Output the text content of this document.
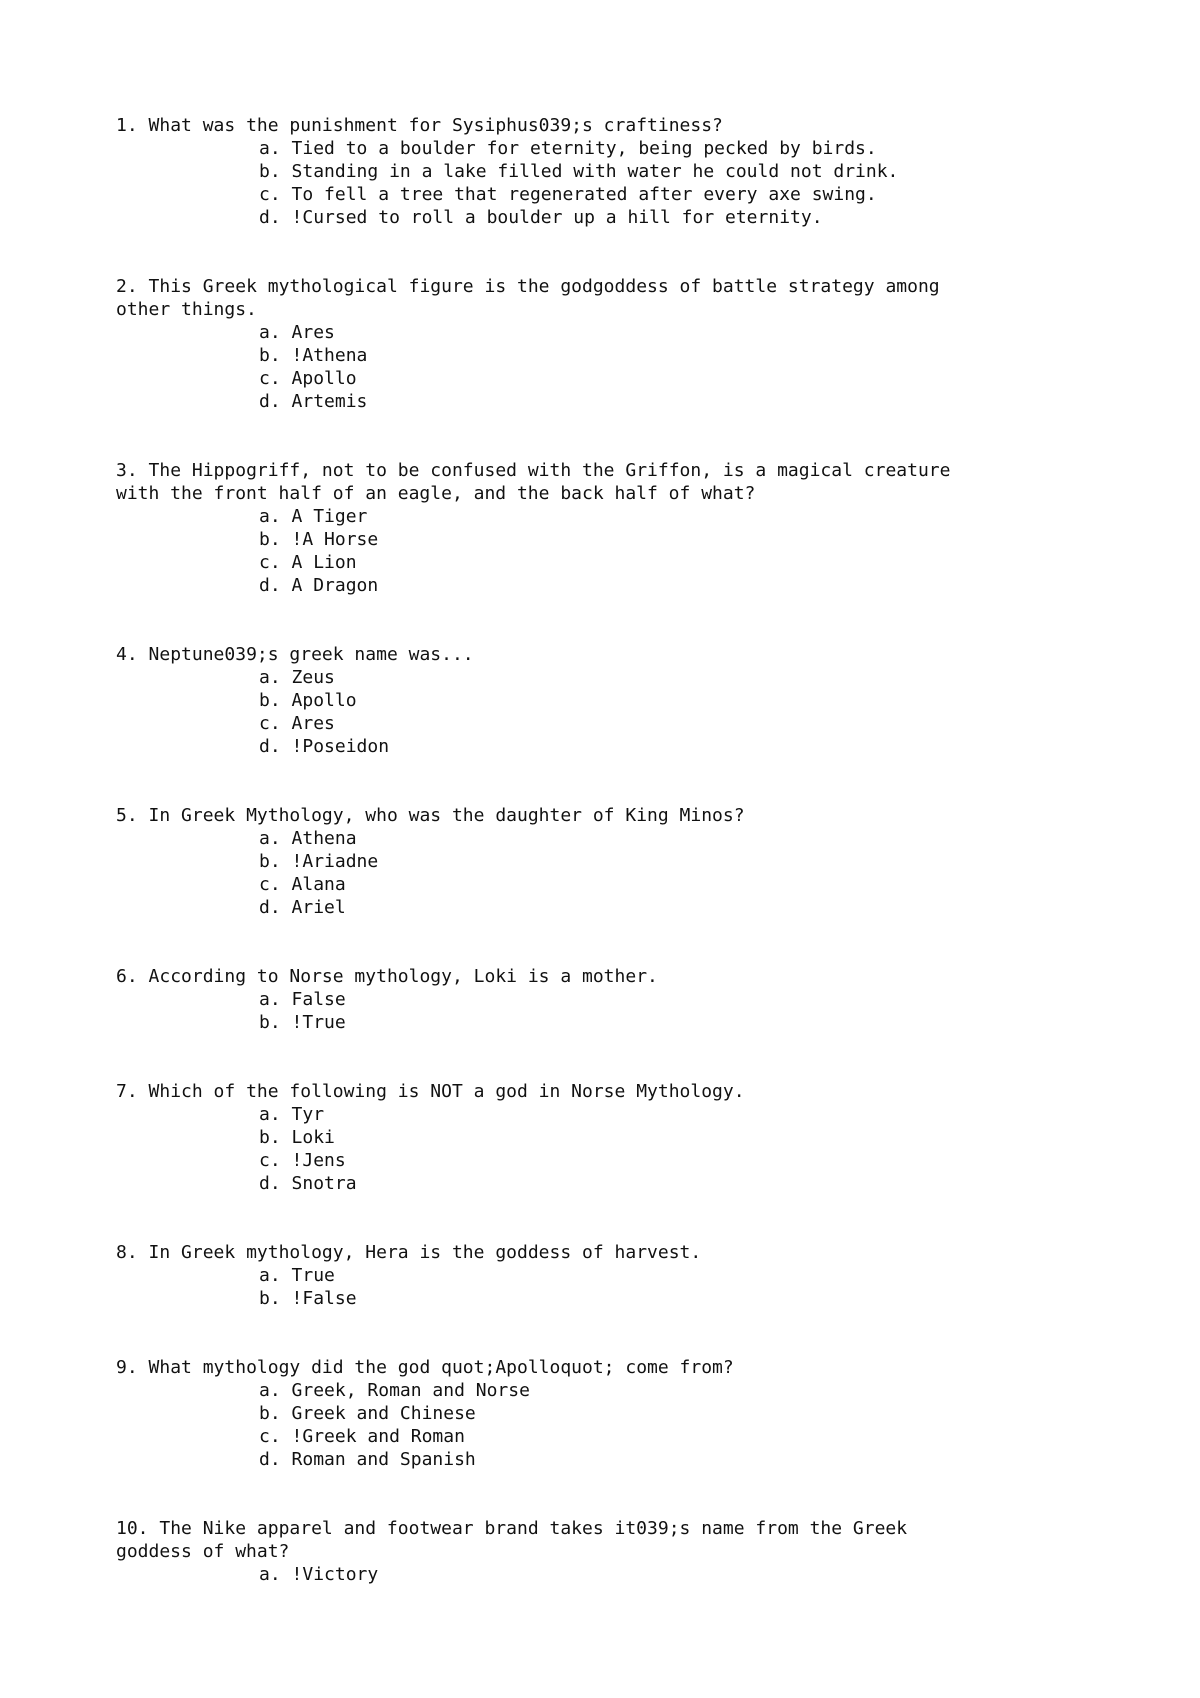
1. What was the punishment for Sysiphus039;s craftiness?

a. Tied to a boulder for eternity, being pecked by birds.
b. Standing in a lake filled with water he could not drink.
c. To fell a tree that regenerated after every axe swing.
d. !Cursed to roll a boulder up a hill for eternity.

2. This Greek mythological figure is the godgoddess of battle strategy among
other things.

a. Ares
b. !Athena
c. Apollo
d. Artemis

3. The Hippogriff, not to be confused with the Griffon, is a magical creature
with the front half of an eagle, and the back half of what?

a. A Tiger
b. !A Horse
c. A Lion
d. A Dragon

4. Neptune039;s greek name was...

a. Zeus
b. Apollo
c. Ares
d. !Poseidon

5. In Greek Mythology, who was the daughter of King Minos?

a. Athena
b. !Ariadne
c. Alana
d. Ariel

6. According to Norse mythology, Loki is a mother.

a. False
b. !True

7. Which of the following is NOT a god in Norse Mythology.

a. Tyr
b. Loki
c. !Jens
d. Snotra

8. In Greek mythology, Hera is the goddess of harvest.

a. True
b. !False

9. What mythology did the god quot;Apolloquot; come from?

a. Greek, Roman and Norse
b. Greek and Chinese
c. !Greek and Roman
d. Roman and Spanish

10. The Nike apparel and footwear brand takes it039;s name from the Greek
goddess of what?

a. !Victory
